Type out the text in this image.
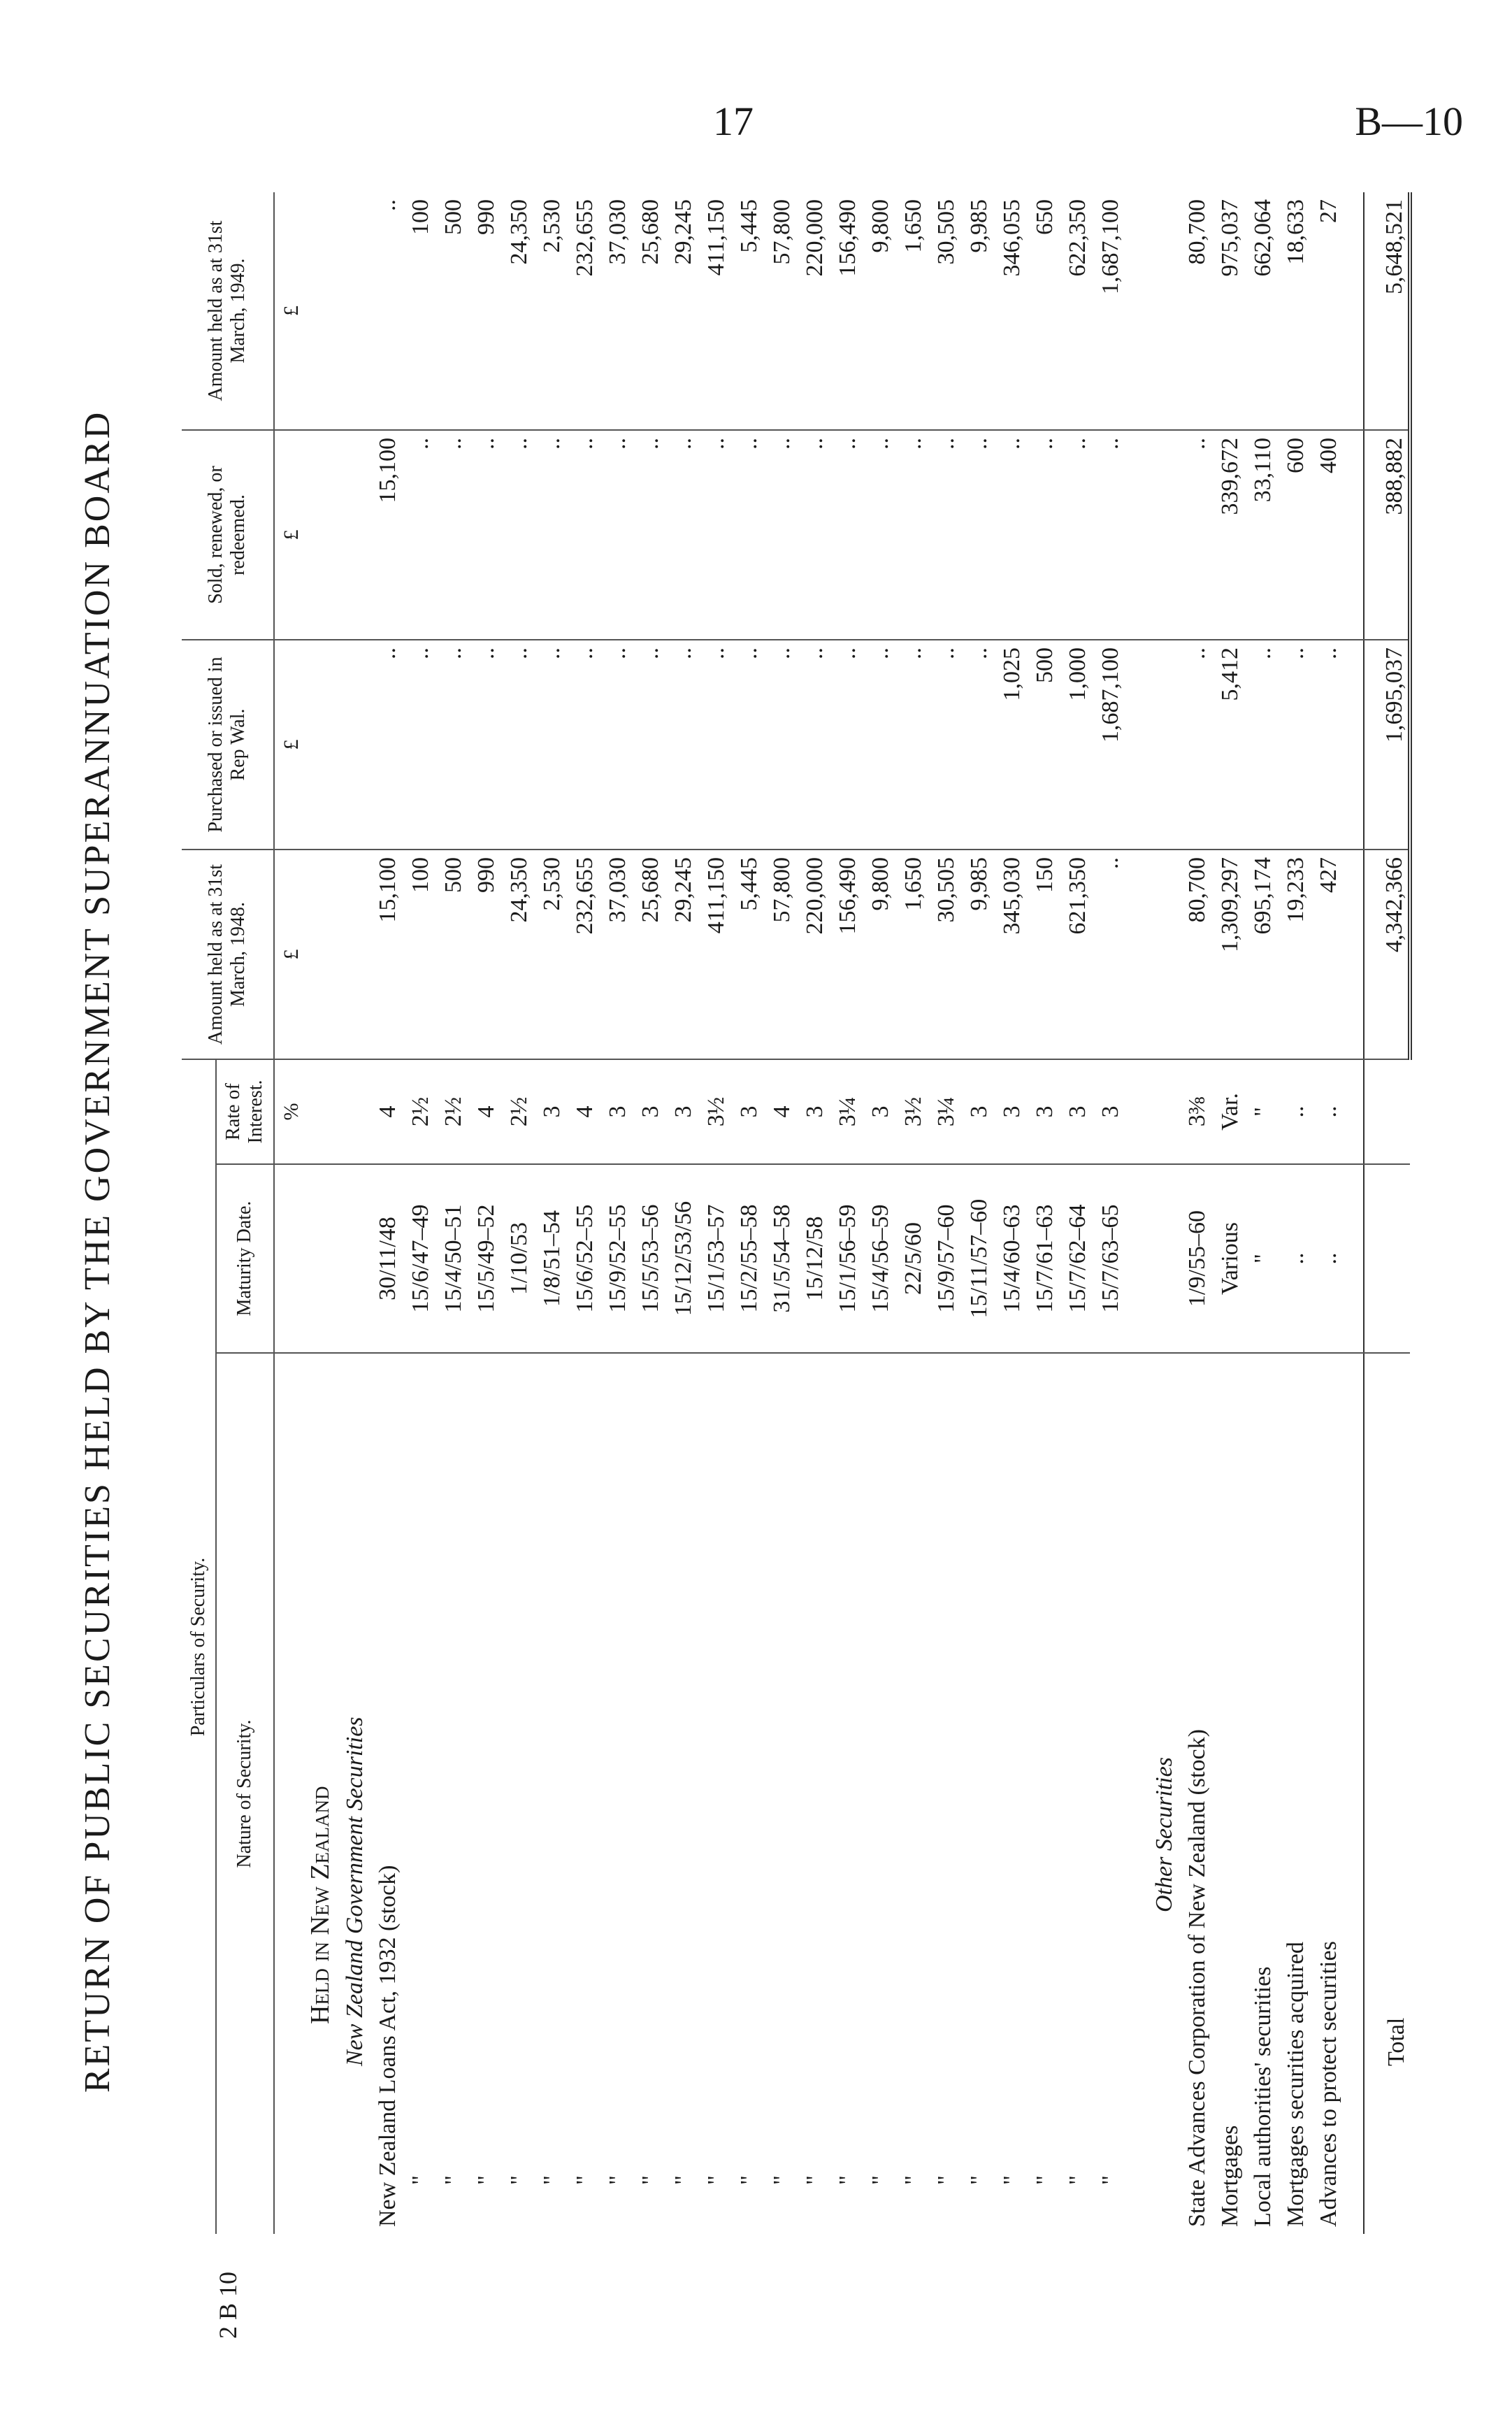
17	B—10
RETURN OF PUBLIC SECURITIES HELD BY THE GOVERNMENT SUPERANNUATION BOARD
2 B 10
Particulars of Security.			Amount held as at 31st March, 1948.	Purchased or issued in Rep Wal.	Sold, renewed, or redeemed.	Amount held as at 31st March, 1949.
Nature of Security.	Maturity Date.	Rate of Interest.				
		%	£	£	£	£
Held in New Zealand						
New Zealand Government Securities						
New Zealand Loans Act, 1932 (stock)	30/11/48	4	15,100	..	15,100	..
"	15/6/47–49	2½	100	..	..	100
"	15/4/50–51	2½	500	..	..	500
"	15/5/49–52	4	990	..	..	990
"	1/10/53	2½	24,350	..	..	24,350
"	1/8/51–54	3	2,530	..	..	2,530
"	15/6/52–55	4	232,655	..	..	232,655
"	15/9/52–55	3	37,030	..	..	37,030
"	15/5/53–56	3	25,680	..	..	25,680
"	15/12/53/56	3	29,245	..	..	29,245
"	15/1/53–57	3½	411,150	..	..	411,150
"	15/2/55–58	3	5,445	..	..	5,445
"	31/5/54–58	4	57,800	..	..	57,800
"	15/12/58	3	220,000	..	..	220,000
"	15/1/56–59	3¼	156,490	..	..	156,490
"	15/4/56–59	3	9,800	..	..	9,800
"	22/5/60	3½	1,650	..	..	1,650
"	15/9/57–60	3¼	30,505	..	..	30,505
"	15/11/57–60	3	9,985	..	..	9,985
"	15/4/60–63	3	345,030	1,025	..	346,055
"	15/7/61–63	3	150	500	..	650
"	15/7/62–64	3	621,350	1,000	..	622,350
"	15/7/63–65	3	..	1,687,100	..	1,687,100

Other Securities						
State Advances Corporation of New Zealand (stock)	1/9/55–60	3⅜	80,700	..	..	80,700
Mortgages	Various	Var.	1,309,297	5,412	339,672	975,037
Local authorities' securities	"	"	695,174	..	33,110	662,064
Mortgages securities acquired	..	..	19,233	..	600	18,633
Advances to protect securities	..	..	427	..	400	27

Total			4,342,366	1,695,037	388,882	5,648,521
